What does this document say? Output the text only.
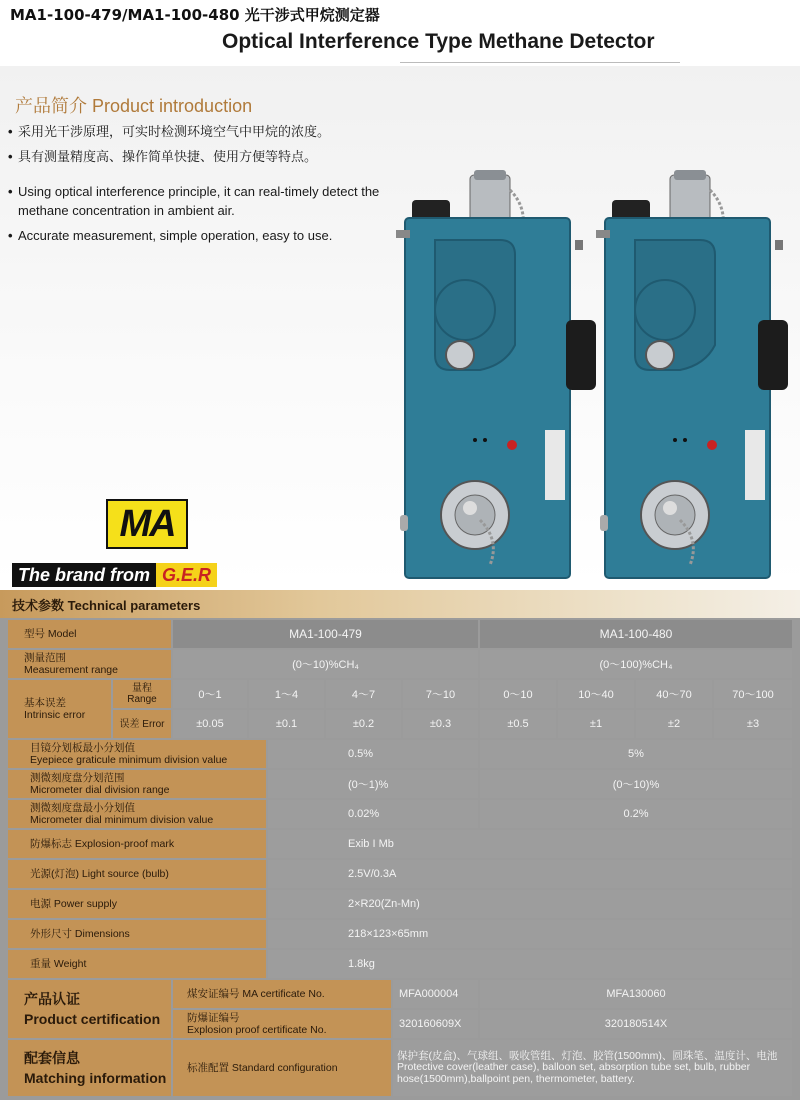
MA1-100-479/MA1-100-480 光干涉式甲烷测定器
Optical Interference Type Methane Detector
产品简介 Product introduction
• 采用光干涉原理，可实时检测环境空气中甲烷的浓度。
• 具有测量精度高、操作简单快捷、使用方便等特点。
• Using optical interference principle, it can real-timely detect the methane concentration in ambient air.
• Accurate measurement, simple operation, easy to use.
MA
The brand from G.E.R
技术参数 Technical parameters
型号 Model	MA1-100-479	MA1-100-480
测量范围
Measurement range	(0～10)%CH₄	(0～100)%CH₄
基本误差
Intrinsic error
量程
Range
误差 Error
0～1	1～4	4～7	7～10	0～10	10～40	40～70	70～100
±0.05	±0.1	±0.2	±0.3	±0.5	±1	±2	±3
目镜分划板最小分划值
Eyepiece graticule minimum division value	0.5%	5%
测微刻度盘分划范围
Micrometer dial division range	(0～1)%	(0～10)%
测微刻度盘最小分划值
Micrometer dial minimum division value	0.02%	0.2%
防爆标志 Explosion-proof mark	Exib I Mb
光源(灯泡) Light source (bulb)	2.5V/0.3A
电源 Power supply	2×R20(Zn-Mn)
外形尺寸 Dimensions	218×123×65mm
重量 Weight	1.8kg
产品认证
Product certification
煤安证编号 MA certificate No.	MFA000004	MFA130060
防爆证编号
Explosion proof certificate No.	320160609X	320180514X
配套信息
Matching information
标准配置 Standard configuration
保护套(皮盒)、气球组、吸收管组、灯泡、胶管(1500mm)、圆珠笔、温度计、电池
Protective cover(leather case), balloon set, absorption tube set, bulb, rubber hose(1500mm),ballpoint pen, thermometer, battery.
